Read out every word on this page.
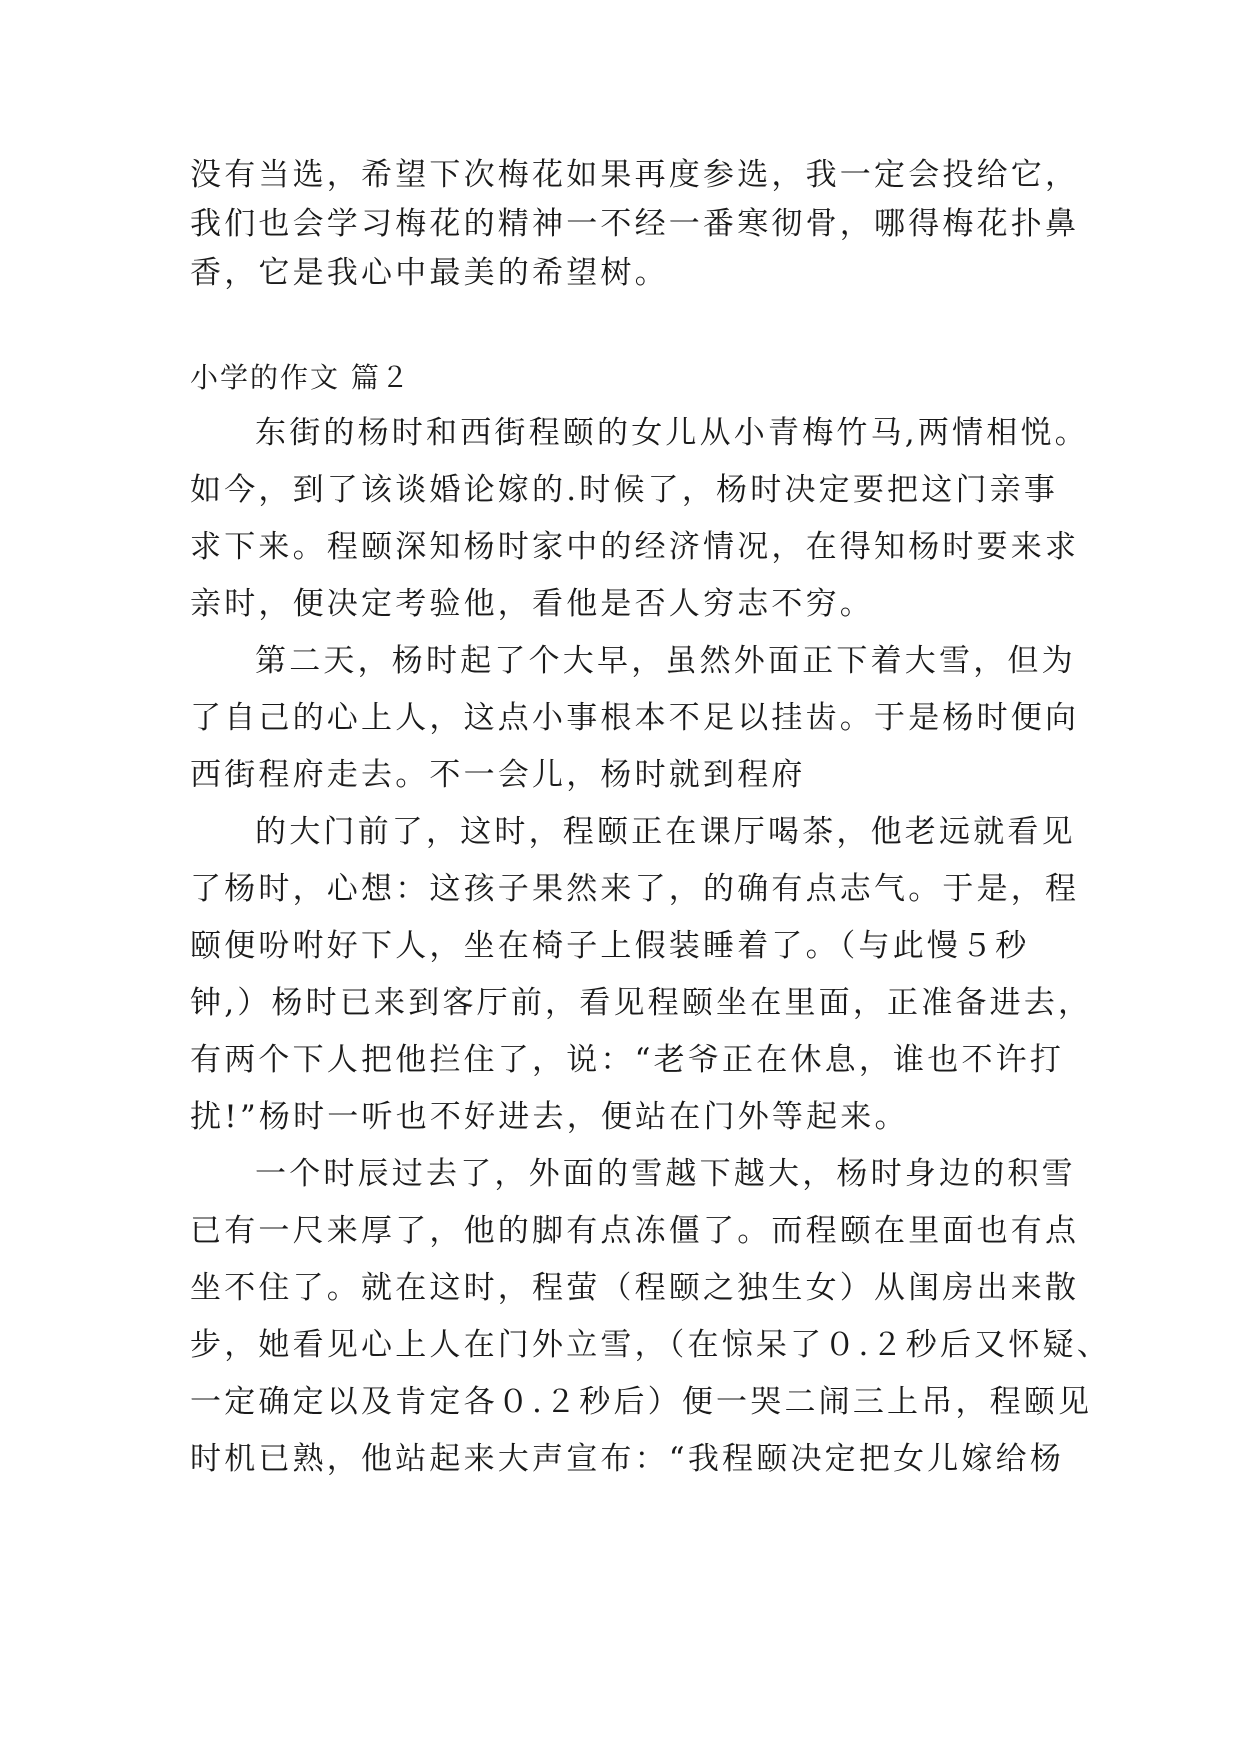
没有当选，希望下次梅花如果再度参选，我一定会投给它，
我们也会学习梅花的精神一不经一番寒彻骨，哪得梅花扑鼻
香，它是我心中最美的希望树。
小学的作文 篇２
东街的杨时和西街程颐的女儿从小青梅竹马,两情相悦。
如今，到了该谈婚论嫁的.时候了，杨时决定要把这门亲事
求下来。程颐深知杨时家中的经济情况，在得知杨时要来求
亲时，便决定考验他，看他是否人穷志不穷。
第二天，杨时起了个大早，虽然外面正下着大雪，但为
了自己的心上人，这点小事根本不足以挂齿。于是杨时便向
西街程府走去。不一会儿，杨时就到程府
的大门前了，这时，程颐正在课厅喝茶，他老远就看见
了杨时，心想：这孩子果然来了，的确有点志气。于是，程
颐便吩咐好下人，坐在椅子上假装睡着了。（与此慢５秒
钟,）杨时已来到客厅前，看见程颐坐在里面，正准备进去，
有两个下人把他拦住了，说：“老爷正在休息，谁也不许打
扰!”杨时一听也不好进去，便站在门外等起来。
一个时辰过去了，外面的雪越下越大，杨时身边的积雪
已有一尺来厚了，他的脚有点冻僵了。而程颐在里面也有点
坐不住了。就在这时，程萤（程颐之独生女）从闺房出来散
步，她看见心上人在门外立雪，（在惊呆了０.２秒后又怀疑、
一定确定以及肯定各０.２秒后）便一哭二闹三上吊，程颐见
时机已熟，他站起来大声宣布：“我程颐决定把女儿嫁给杨
